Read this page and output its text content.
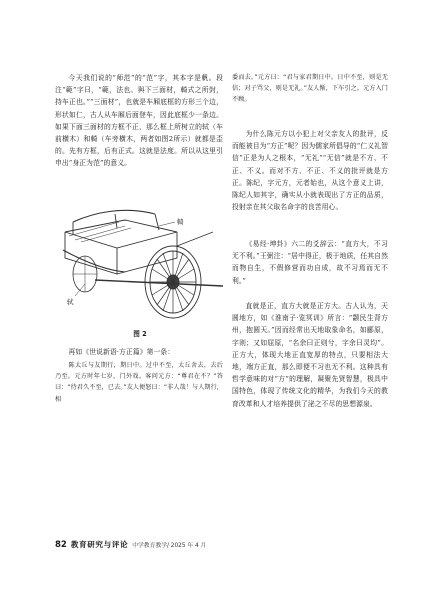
今天我们说的“师范”的“范”字，其本字是軓。段注“範”字曰，“範，法也。與下三面材，輢式之所尌，持车正也。”“三面材”，也就是车厢底框的方形三个边，形状如仁，古人从车厢后面登车，因此底框少一条边。如果下面三面材的方框不正，那么框上所树立的轼（车前横木）和輢（车旁横木，两者如图2所示）就都是歪的。先有方框，后有正式。这就是法度。所以从这里引申出“身正为范”的意义。

輢
轼
图 2

再如《世说新语·方正篇》第一条：

陈太丘与友期行，期日中。过中不至，太丘舍去，去后乃至。元方时年七岁，门外戏。客问元方：“尊君在不？”答曰：“待君久不至，已去。”友人便怒曰：“非人哉！与人期行，相

委而去。”元方曰：“君与家君期日中。日中不至，则是无信；对子骂父，则是无礼。”友人惭，下车引之。元方入门不顾。

为什么陈元方以小犯上对父亲友人的批评，反而能被目为“方正”呢？因为儒家所倡导的“仁义礼智信”正是为人之根本，“无礼”“无信”就是不方、不正、不义。而对不方、不正、不义的批评就是方正。陈纪，字元方，元者始也，从这个意义上讲，陈纪人如其字，确实从小就表现出了方正的品质，投射亲在其父取名命字的良苦用心。

《易经·坤卦》六二的爻辞云：“直方大，不习无不利。”王弼注：“居中得正，极于地质，任其自然而物自生，不假修营而功自成，故不习焉而无不利。”

直就是正，直方大就是正方大。古人认为，天圆地方，如《淮南子·览冥训》所言：“颛民生背方州，抱圆天。”因而经常出天地取象命名，如郦原，字则；又如屈原，“名余曰正则兮，字余曰灵均”。正方大，体现大地正直宽厚的特点，只要相法大地，端方正直，那么即便不习也无不利。这种具有哲学意味的对“方”的理解，凝聚先贤智慧，极具中国特色，体现了传统文化的精华，为我们今天的教育改革和人才培养提供了泌之不尽的思想源泉。

82 教育研究与评论 中学教育教学/ 2025 年 4 月
